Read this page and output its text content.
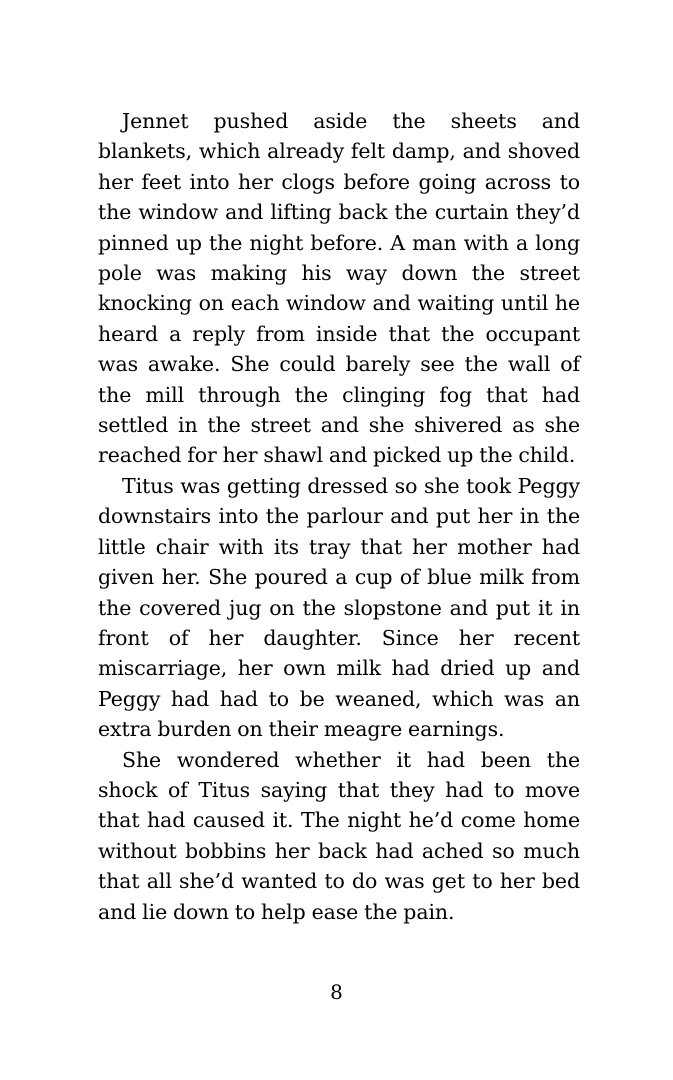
Jennet pushed aside the sheets and blankets, which already felt damp, and shoved her feet into her clogs before going across to the window and lifting back the curtain they’d pinned up the night before. A man with a long pole was making his way down the street knocking on each window and waiting until he heard a reply from inside that the occupant was awake. She could barely see the wall of the mill through the clinging fog that had settled in the street and she shivered as she reached for her shawl and picked up the child.

Titus was getting dressed so she took Peggy downstairs into the parlour and put her in the little chair with its tray that her mother had given her. She poured a cup of blue milk from the covered jug on the slopstone and put it in front of her daughter. Since her recent miscarriage, her own milk had dried up and Peggy had had to be weaned, which was an extra burden on their meagre earnings.

She wondered whether it had been the shock of Titus saying that they had to move that had caused it. The night he’d come home without bobbins her back had ached so much that all she’d wanted to do was get to her bed and lie down to help ease the pain.

8
